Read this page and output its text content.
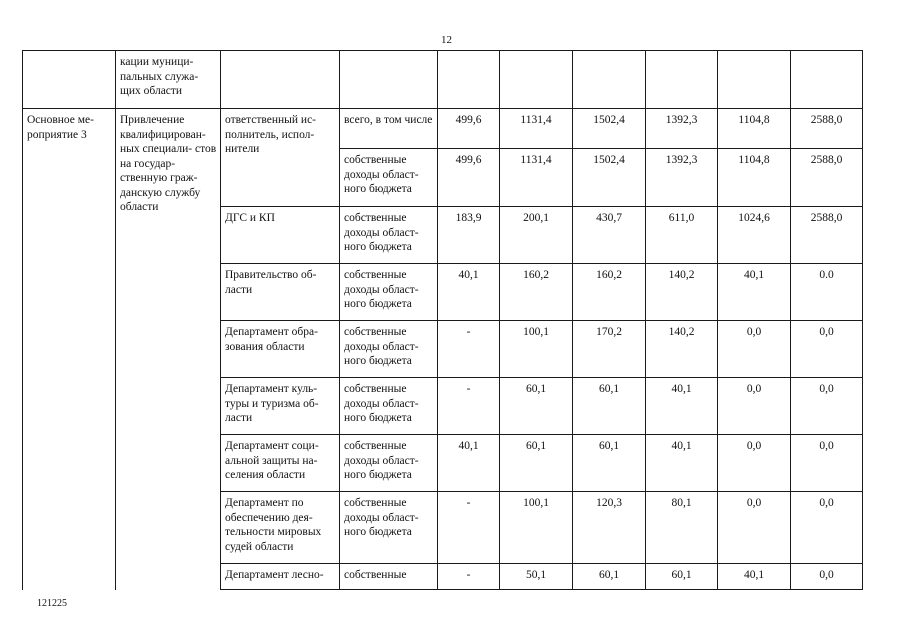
12
	кации муници- пальных служа- щих области								
Основное ме- роприятие 3	Привлечение квалифицирован- ных специали- стов на государ- ственную граж- данскую службу области	ответственный ис- полнитель, испол- нители	всего, в том числе	499,6	1131,4	1502,4	1392,3	1104,8	2588,0
			собственные доходы област- ного бюджета	499,6	1131,4	1502,4	1392,3	1104,8	2588,0
		ДГС и КП	собственные доходы област- ного бюджета	183,9	200,1	430,7	611,0	1024,6	2588,0
		Правительство об- ласти	собственные доходы област- ного бюджета	40,1	160,2	160,2	140,2	40,1	0.0
		Департамент обра- зования области	собственные доходы област- ного бюджета	-	100,1	170,2	140,2	0,0	0,0
		Департамент куль- туры и туризма об- ласти	собственные доходы област- ного бюджета	-	60,1	60,1	40,1	0,0	0,0
		Департамент соци- альной защиты на- селения области	собственные доходы област- ного бюджета	40,1	60,1	60,1	40,1	0,0	0,0
		Департамент по обеспечению дея- тельности мировых судей области	собственные доходы област- ного бюджета	-	100,1	120,3	80,1	0,0	0,0
		Департамент лесно-	собственные	-	50,1	60,1	60,1	40,1	0,0
121225
